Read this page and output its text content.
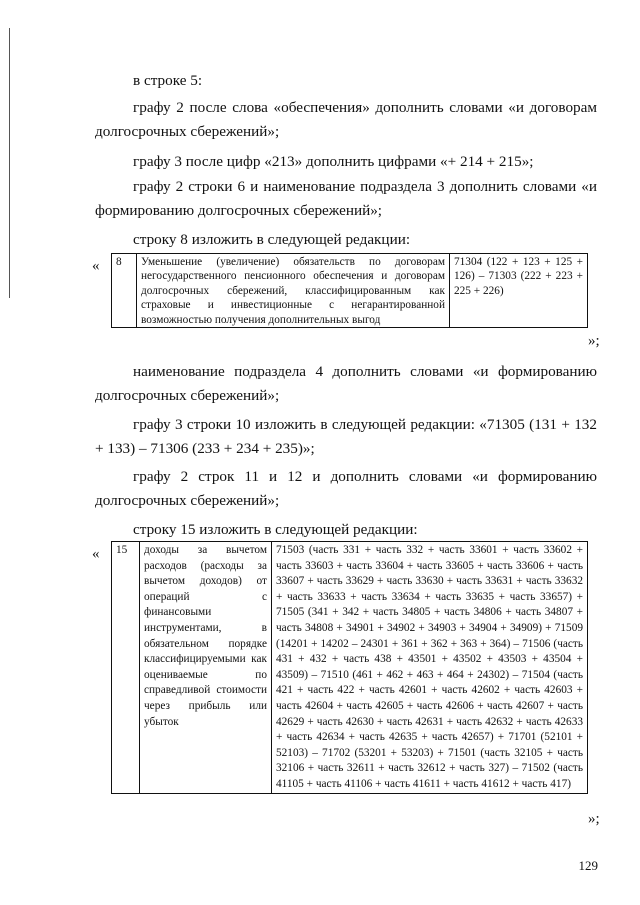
в строке 5:
графу 2 после слова «обеспечения» дополнить словами «и договорам долгосрочных сбережений»;
графу 3 после цифр «213» дополнить цифрами «+ 214 + 215»;
графу 2 строки 6 и наименование подраздела 3 дополнить словами «и формированию долгосрочных сбережений»;
строку 8 изложить в следующей редакции:
« 8	Уменьшение (увеличение) обязательств по договорам негосударственного пенсионного обеспечения и договорам долгосрочных сбережений, классифицированным как страховые и инвестиционные с негарантированной возможностью получения дополнительных выгод	71304 (122 + 123 + 125 + 126) – 71303 (222 + 223 + 225 + 226)
»;
наименование подраздела 4 дополнить словами «и формированию долгосрочных сбережений»;
графу 3 строки 10 изложить в следующей редакции: «71305 (131 + 132 + 133) – 71306 (233 + 234 + 235)»;
графу 2 строк 11 и 12 и дополнить словами «и формированию долгосрочных сбережений»;
строку 15 изложить в следующей редакции:
« 15	доходы за вычетом расходов (расходы за вычетом доходов) от операций с финансовыми инструментами, в обязательном порядке классифицируемыми как оцениваемые по справедливой стоимости через прибыль или убыток	71503 (часть 331 + часть 332 + часть 33601 + часть 33602 + часть 33603 + часть 33604 + часть 33605 + часть 33606 + часть 33607 + часть 33629 + часть 33630 + часть 33631 + часть 33632 + часть 33633 + часть 33634 + часть 33635 + часть 33657) + 71505 (341 + 342 + часть 34805 + часть 34806 + часть 34807 + часть 34808 + 34901 + 34902 + 34903 + 34904 + 34909) + 71509 (14201 + 14202 – 24301 + 361 + 362 + 363 + 364) – 71506 (часть 431 + 432 + часть 438 + 43501 + 43502 + 43503 + 43504 + 43509) – 71510 (461 + 462 + 463 + 464 + 24302) – 71504 (часть 421 + часть 422 + часть 42601 + часть 42602 + часть 42603 + часть 42604 + часть 42605 + часть 42606 + часть 42607 + часть 42629 + часть 42630 + часть 42631 + часть 42632 + часть 42633 + часть 42634 + часть 42635 + часть 42657) + 71701 (52101 + 52103) – 71702 (53201 + 53203) + 71501 (часть 32105 + часть 32106 + часть 32611 + часть 32612 + часть 327) – 71502 (часть 41105 + часть 41106 + часть 41611 + часть 41612 + часть 417)
»;
129
